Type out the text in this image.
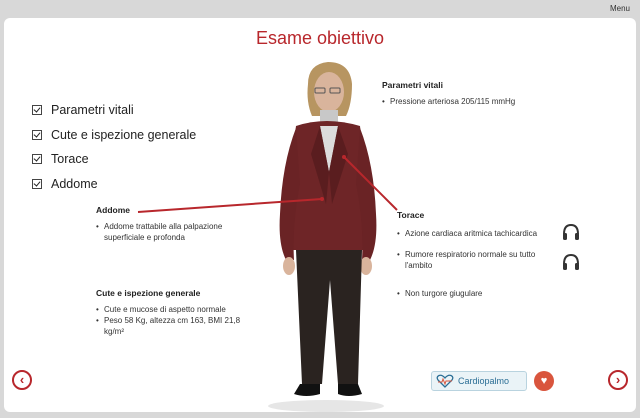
Menu
Esame obiettivo
Parametri vitali
Cute e ispezione generale
Torace
Addome
Parametri vitali
• Pressione arteriosa 205/115 mmHg
Addome
• Addome trattabile alla palpazione superficiale e profonda
Cute e ispezione generale
• Cute e mucose di aspetto normale
• Peso 58 Kg, altezza cm 163, BMI 21,8 kg/m²
Torace
• Azione cardiaca aritmica tachicardica
• Rumore respiratorio normale su tutto l'ambito
• Non turgore giugulare
‹	Cardiopalmo	♥	›
